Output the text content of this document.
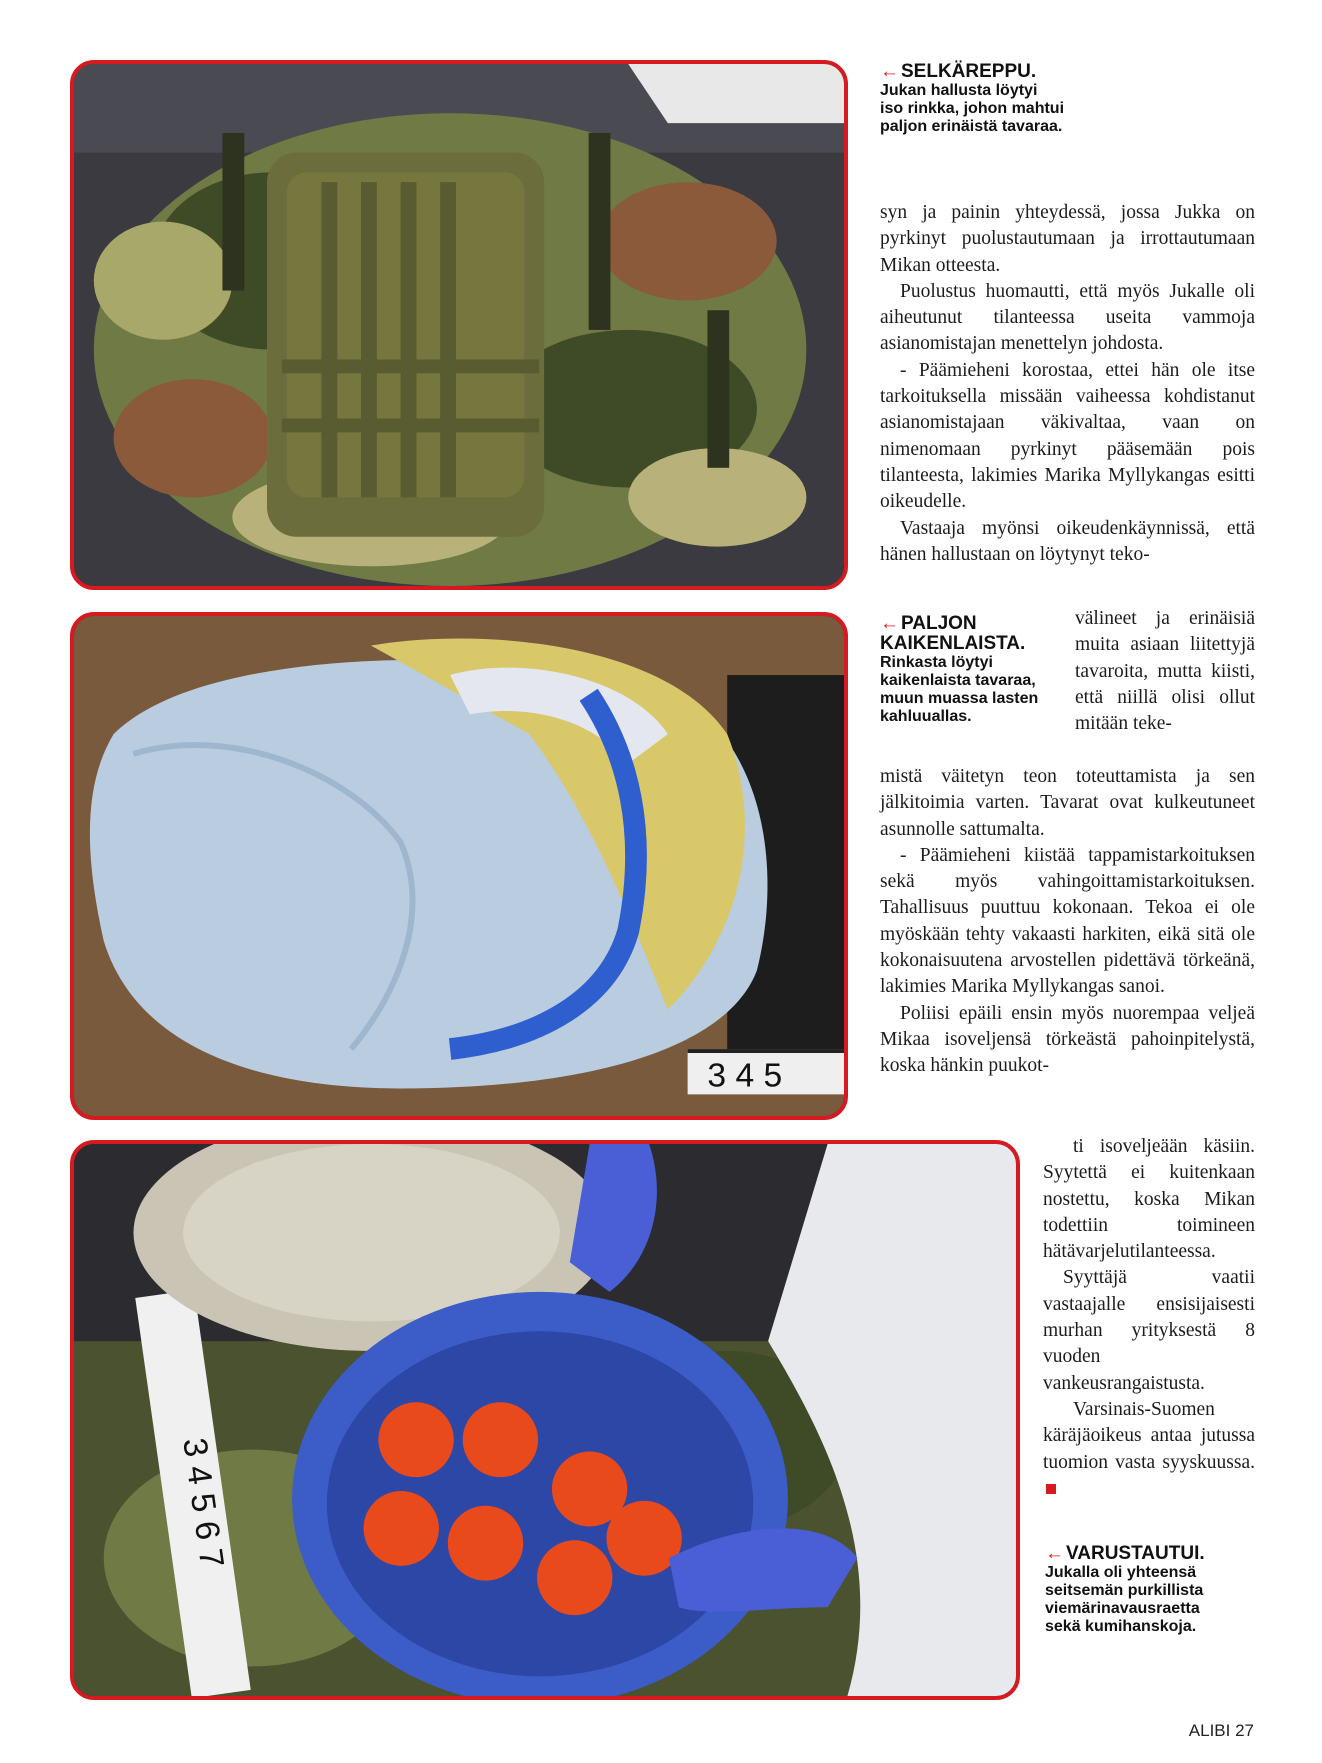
3 4 5
3 4 5 6 7
← SELKÄREPPU.
Jukan hallusta löytyi
iso rinkka, johon mahtui
paljon erinäistä tavaraa.

syn ja painin yhteydessä, jossa Jukka on pyrkinyt puolustautumaan ja irrottautumaan Mikan otteesta.

Puolustus huomautti, että myös Jukalle oli aiheutunut tilanteessa useita vammoja asianomistajan menettelyn johdosta.

- Päämieheni korostaa, ettei hän ole itse tarkoituksella missään vaiheessa kohdistanut asianomistajaan väkivaltaa, vaan on nimenomaan pyrkinyt pääsemään pois tilanteesta, lakimies Marika Myllykangas esitti oikeudelle.

Vastaaja myönsi oikeudenkäynnissä, että hänen hallustaan on löytynyt teko-

← PALJON
KAIKENLAISTA.
Rinkasta löytyi
kaikenlaista tavaraa,
muun muassa lasten
kahluuallas.

välineet ja erinäisiä muita asiaan liitettyjä tavaroita, mutta kiisti, että niillä olisi ollut mitään teke-

mistä väitetyn teon toteuttamista ja sen jälkitoimia varten. Tavarat ovat kulkeutuneet asunnolle sattumalta.

- Päämieheni kiistää tappamistarkoituksen sekä myös vahingoittamistarkoituksen. Tahallisuus puuttuu kokonaan. Tekoa ei ole myöskään tehty vakaasti harkiten, eikä sitä ole kokonaisuutena arvostellen pidettävä törkeänä, lakimies Marika Myllykangas sanoi.

Poliisi epäili ensin myös nuorempaa veljeä Mikaa isoveljensä törkeästä pahoinpitelystä, koska hänkin puukot-

ti isoveljeään käsiin. Syytettä ei kuitenkaan nostettu, koska Mikan todettiin toimineen hätävarjelutilanteessa.

Syyttäjä vaatii vastaajalle ensisijaisesti murhan yrityksestä 8 vuoden vankeusrangaistusta.

Varsinais-Suomen käräjäoikeus antaa jutussa tuomion vasta syyskuussa.

← VARUSTAUTUI.
Jukalla oli yhteensä
seitsemän purkillista
viemärinavausraetta
sekä kumihanskoja.
ALIBI 27
